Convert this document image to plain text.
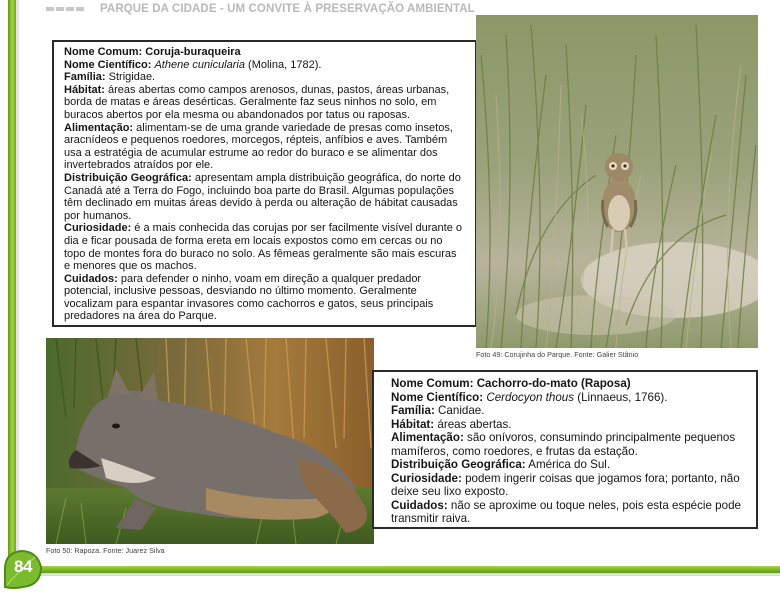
PARQUE DA CIDADE - UM CONVITE À PRESERVAÇÃO AMBIENTAL

Nome Comum: Coruja-buraqueira

Nome Científico: Athene cunicularia (Molina, 1782).

Família: Strigidae.

Hábitat: áreas abertas como campos arenosos, dunas, pastos, áreas urbanas, borda de matas e áreas desérticas. Geralmente faz seus ninhos no solo, em buracos abertos por ela mesma ou abandonados por tatus ou raposas.

Alimentação: alimentam-se de uma grande variedade de presas como insetos, aracnídeos e pequenos roedores, morcegos, répteis, anfíbios e aves. Também usa a estratégia de acumular estrume ao redor do buraco e se alimentar dos invertebrados atraídos por ele.

Distribuição Geográfica: apresentam ampla distribuição geográfica, do norte do Canadá até a Terra do Fogo, incluindo boa parte do Brasil. Algumas populações têm declinado em muitas áreas devido à perda ou alteração de hábitat causadas por humanos.

Curiosidade: é a mais conhecida das corujas por ser facilmente visível durante o dia e ficar pousada de forma ereta em locais expostos como em cercas ou no topo de montes fora do buraco no solo. As fêmeas geralmente são mais escuras e menores que os machos.

Cuidados: para defender o ninho, voam em direção a qualquer predador potencial, inclusive pessoas, desviando no último momento. Geralmente vocalizam para espantar invasores como cachorros e gatos, seus principais predadores na área do Parque.

Foto 49: Corujinha do Parque. Fonte: Galier Stânio
Foto 50: Rapoza. Fonte: Juarez Silva

Nome Comum: Cachorro-do-mato (Raposa)

Nome Científico: Cerdocyon thous (Linnaeus, 1766).

Família: Canidae.

Hábitat: áreas abertas.

Alimentação: são onívoros, consumindo principalmente pequenos mamíferos, como roedores, e frutas da estação.

Distribuição Geográfica: América do Sul.

Curiosidade: podem ingerir coisas que jogamos fora; portanto, não deixe seu lixo exposto.

Cuidados: não se aproxime ou toque neles, pois esta espécie pode transmitir raiva.

84
